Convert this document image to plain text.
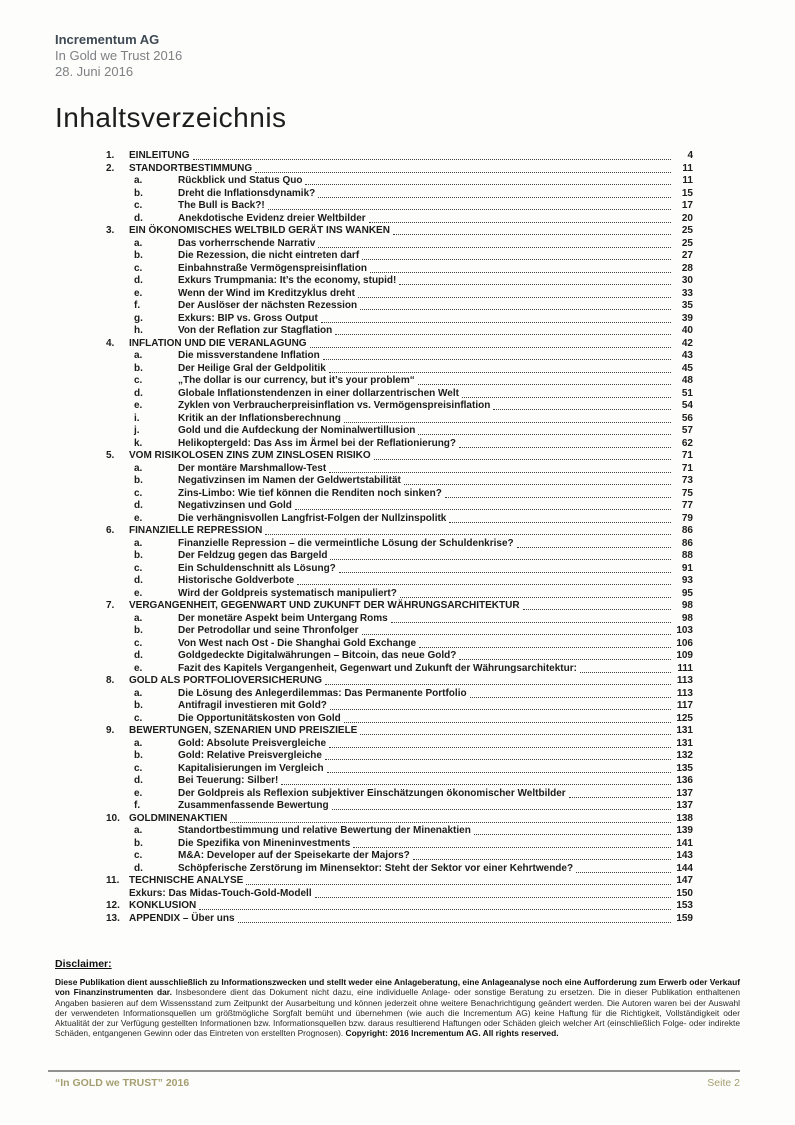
Incrementum AG
In Gold we Trust 2016
28. Juni 2016
Inhaltsverzeichnis
1.	EINLEITUNG	4
2.	STANDORTBESTIMMUNG	11
a.	Rückblick und Status Quo	11
b.	Dreht die Inflationsdynamik?	15
c.	The Bull is Back?!	17
d.	Anekdotische Evidenz dreier Weltbilder	20
3.	EIN ÖKONOMISCHES WELTBILD GERÄT INS WANKEN	25
a.	Das vorherrschende Narrativ	25
b.	Die Rezession, die nicht eintreten darf	27
c.	Einbahnstraße Vermögenspreisinflation	28
d.	Exkurs Trumpmania: It’s the economy, stupid!	30
e.	Wenn der Wind im Kreditzyklus dreht	33
f.	Der Auslöser der nächsten Rezession	35
g.	Exkurs: BIP vs. Gross Output	39
h.	Von der Reflation zur Stagflation	40
4.	INFLATION UND DIE VERANLAGUNG	42
a.	Die missverstandene Inflation	43
b.	Der Heilige Gral der Geldpolitik	45
c.	„The dollar is our currency, but it’s your problem“	48
d.	Globale Inflationstendenzen in einer dollarzentrischen Welt	51
e.	Zyklen von Verbraucherpreisinflation vs. Vermögenspreisinflation	54
i.	Kritik an der Inflationsberechnung	56
j.	Gold und die Aufdeckung der Nominalwertillusion	57
k.	Helikoptergeld: Das Ass im Ärmel bei der Reflationierung?	62
5.	VOM RISIKOLOSEN ZINS ZUM ZINSLOSEN RISIKO	71
a.	Der montäre Marshmallow-Test	71
b.	Negativzinsen im Namen der Geldwertstabilität	73
c.	Zins-Limbo: Wie tief können die Renditen noch sinken?	75
d.	Negativzinsen und Gold	77
e.	Die verhängnisvollen Langfrist-Folgen der Nullzinspolitk	79
6.	FINANZIELLE REPRESSION	86
a.	Finanzielle Repression – die vermeintliche Lösung der Schuldenkrise?	86
b.	Der Feldzug gegen das Bargeld	88
c.	Ein Schuldenschnitt als Lösung?	91
d.	Historische Goldverbote	93
e.	Wird der Goldpreis systematisch manipuliert?	95
7.	VERGANGENHEIT, GEGENWART UND ZUKUNFT DER WÄHRUNGSARCHITEKTUR	98
a.	Der monetäre Aspekt beim Untergang Roms	98
b.	Der Petrodollar und seine Thronfolger	103
c.	Von West nach Ost - Die Shanghai Gold Exchange	106
d.	Goldgedeckte Digitalwährungen – Bitcoin, das neue Gold?	109
e.	Fazit des Kapitels Vergangenheit, Gegenwart und Zukunft der Währungsarchitektur:	111
8.	GOLD ALS PORTFOLIOVERSICHERUNG	113
a.	Die Lösung des Anlegerdilemmas: Das Permanente Portfolio	113
b.	Antifragil investieren mit Gold?	117
c.	Die Opportunitätskosten von Gold	125
9.	BEWERTUNGEN, SZENARIEN UND PREISZIELE	131
a.	Gold: Absolute Preisvergleiche	131
b.	Gold: Relative Preisvergleiche	132
c.	Kapitalisierungen im Vergleich	135
d.	Bei Teuerung: Silber!	136
e.	Der Goldpreis als Reflexion subjektiver Einschätzungen ökonomischer Weltbilder	137
f.	Zusammenfassende Bewertung	137
10. GOLDMINENAKTIEN	138
a.	Standortbestimmung und relative Bewertung der Minenaktien	139
b.	Die Spezifika von Mineninvestments	141
c.	M&A: Developer auf der Speisekarte der Majors?	143
d.	Schöpferische Zerstörung im Minensektor: Steht der Sektor vor einer Kehrtwende?	144
11. TECHNISCHE ANALYSE	147
Exkurs: Das Midas-Touch-Gold-Modell	150
12. KONKLUSION	153
13. APPENDIX – Über uns	159
Disclaimer:

Diese Publikation dient ausschließlich zu Informationszwecken und stellt weder eine Anlageberatung, eine Anlageanalyse noch eine Aufforderung zum Erwerb oder Verkauf von Finanzinstrumenten dar. Insbesondere dient das Dokument nicht dazu, eine individuelle Anlage- oder sonstige Beratung zu ersetzen. Die in dieser Publikation enthaltenen Angaben basieren auf dem Wissensstand zum Zeitpunkt der Ausarbeitung und können jederzeit ohne weitere Benachrichtigung geändert werden. Die Autoren waren bei der Auswahl der verwendeten Informationsquellen um größtmögliche Sorgfalt bemüht und übernehmen (wie auch die Incrementum AG) keine Haftung für die Richtigkeit, Vollständigkeit oder Aktualität der zur Verfügung gestellten Informationen bzw. Informationsquellen bzw. daraus resultierend Haftungen oder Schäden gleich welcher Art (einschließlich Folge- oder indirekte Schäden, entgangenen Gewinn oder das Eintreten von erstellten Prognosen). Copyright: 2016 Incrementum AG. All rights reserved.

“In GOLD we TRUST” 2016	Seite 2
